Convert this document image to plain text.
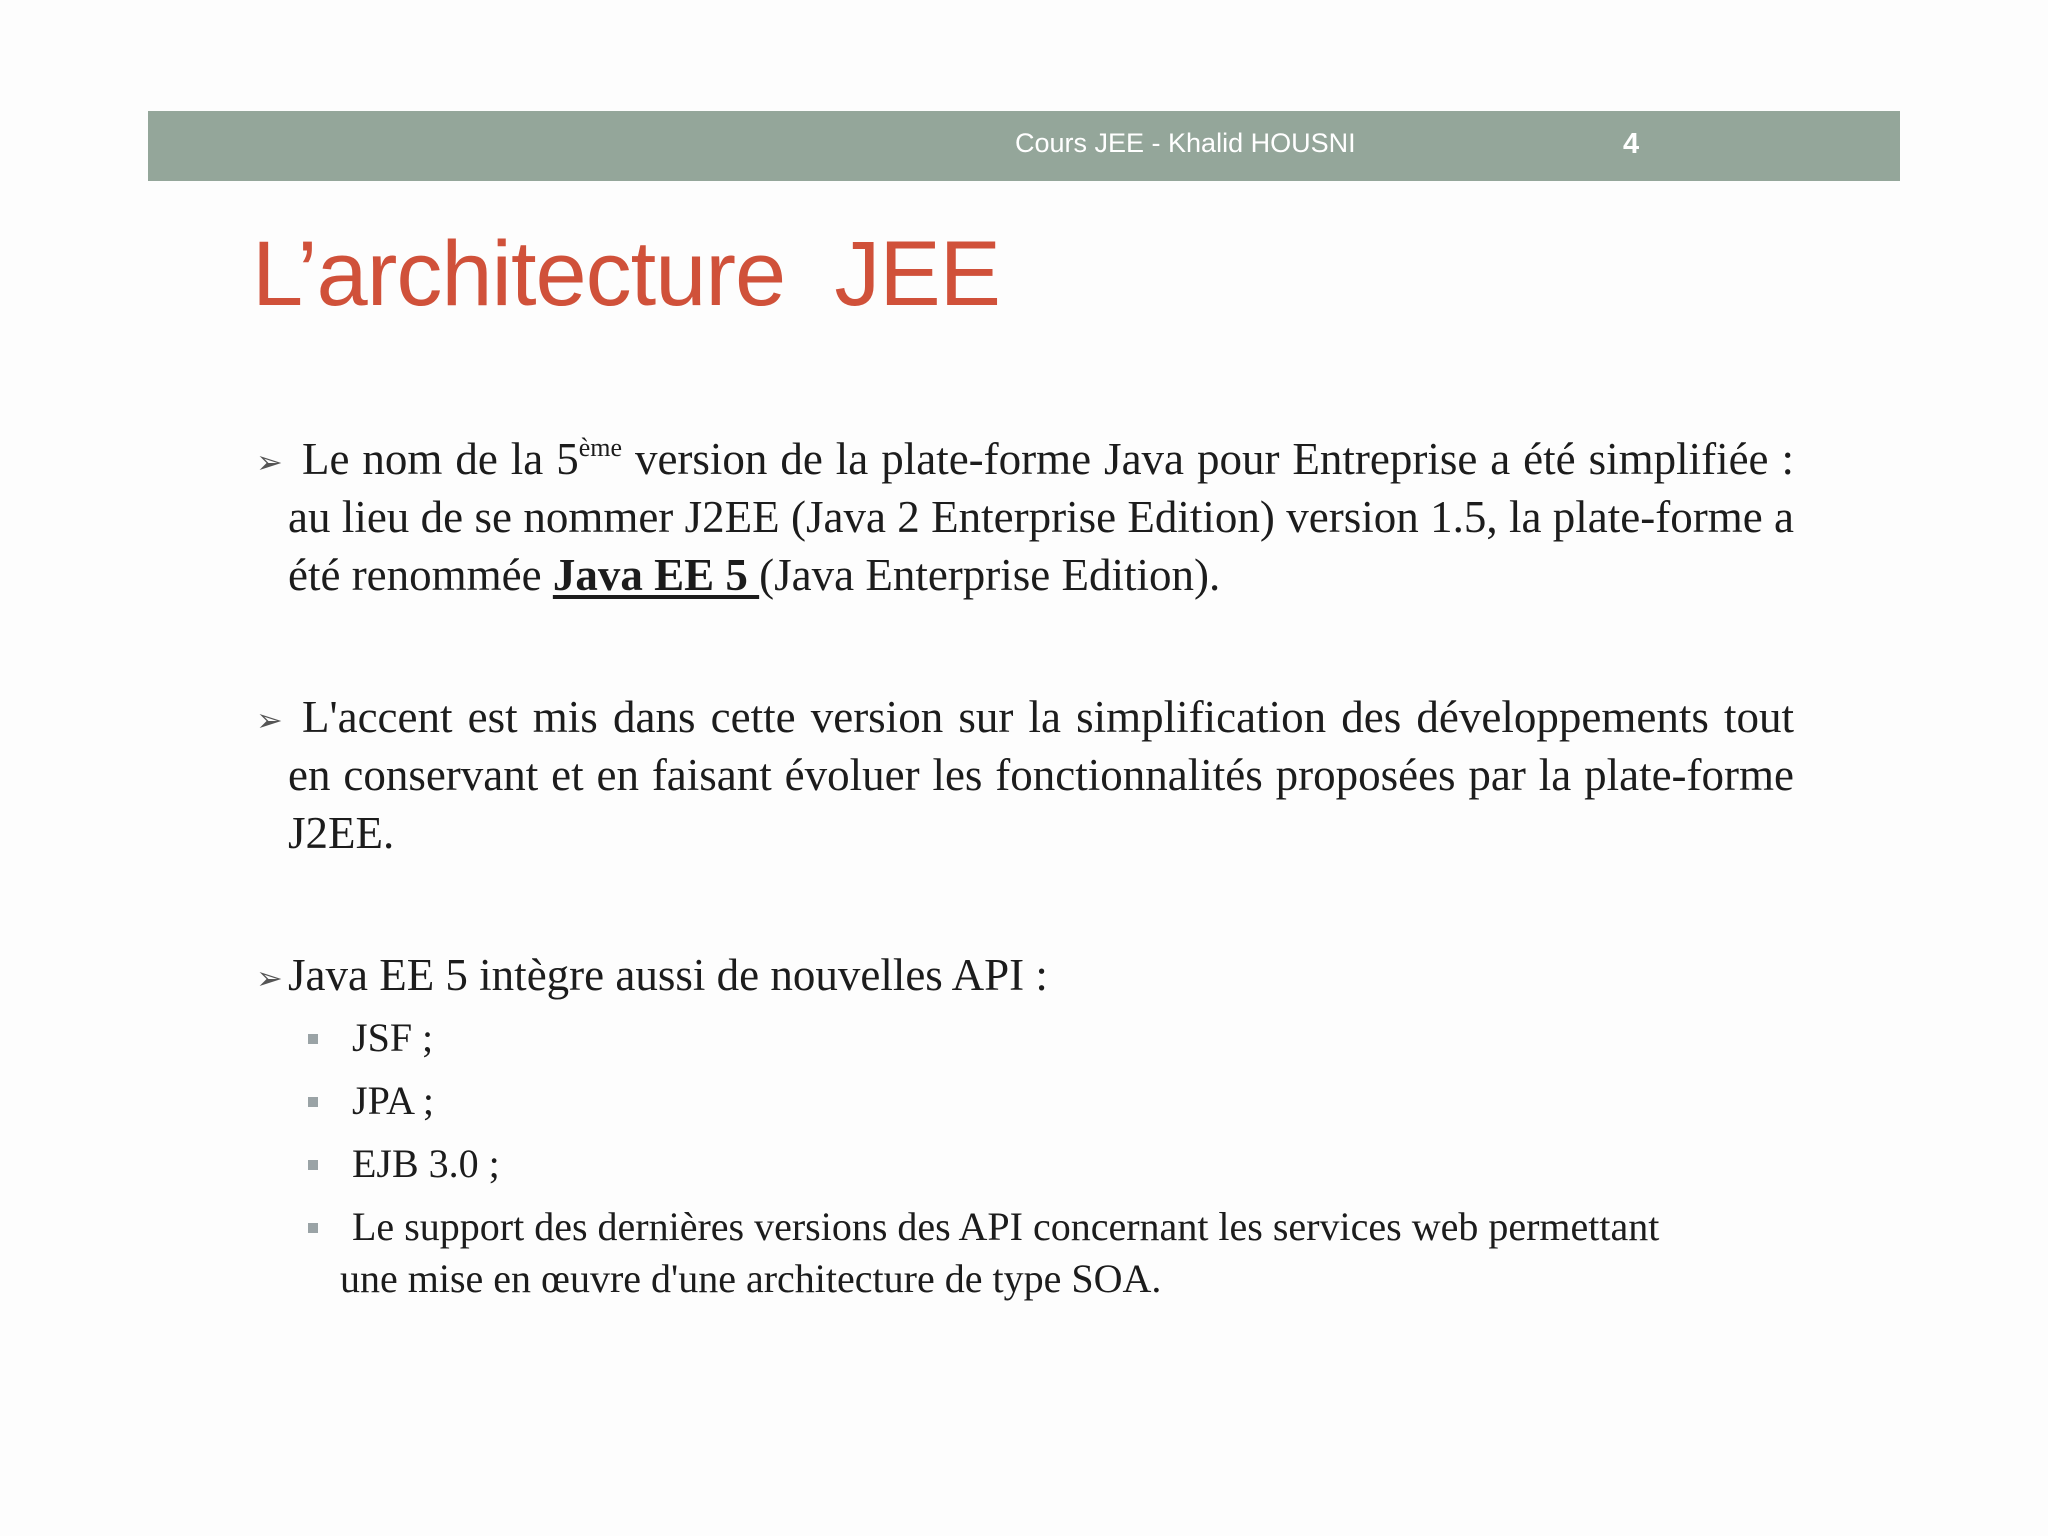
Cours JEE - Khalid HOUSNI	4
L’architecture  JEE
➢ Le nom de la 5ème version de la plate-forme Java pour Entreprise a été simplifiée : au lieu de se nommer J2EE (Java 2 Enterprise Edition) version 1.5, la plate-forme a été renommée Java EE 5 (Java Enterprise Edition).
➢ L'accent est mis dans cette version sur la simplification des développements tout en conservant et en faisant évoluer les fonctionnalités proposées par la plate-forme J2EE.
➢ Java EE 5 intègre aussi de nouvelles API :
JSF ;
JPA ;
EJB 3.0 ;
Le support des dernières versions des API concernant les services web permettant
une mise en œuvre d'une architecture de type SOA.
